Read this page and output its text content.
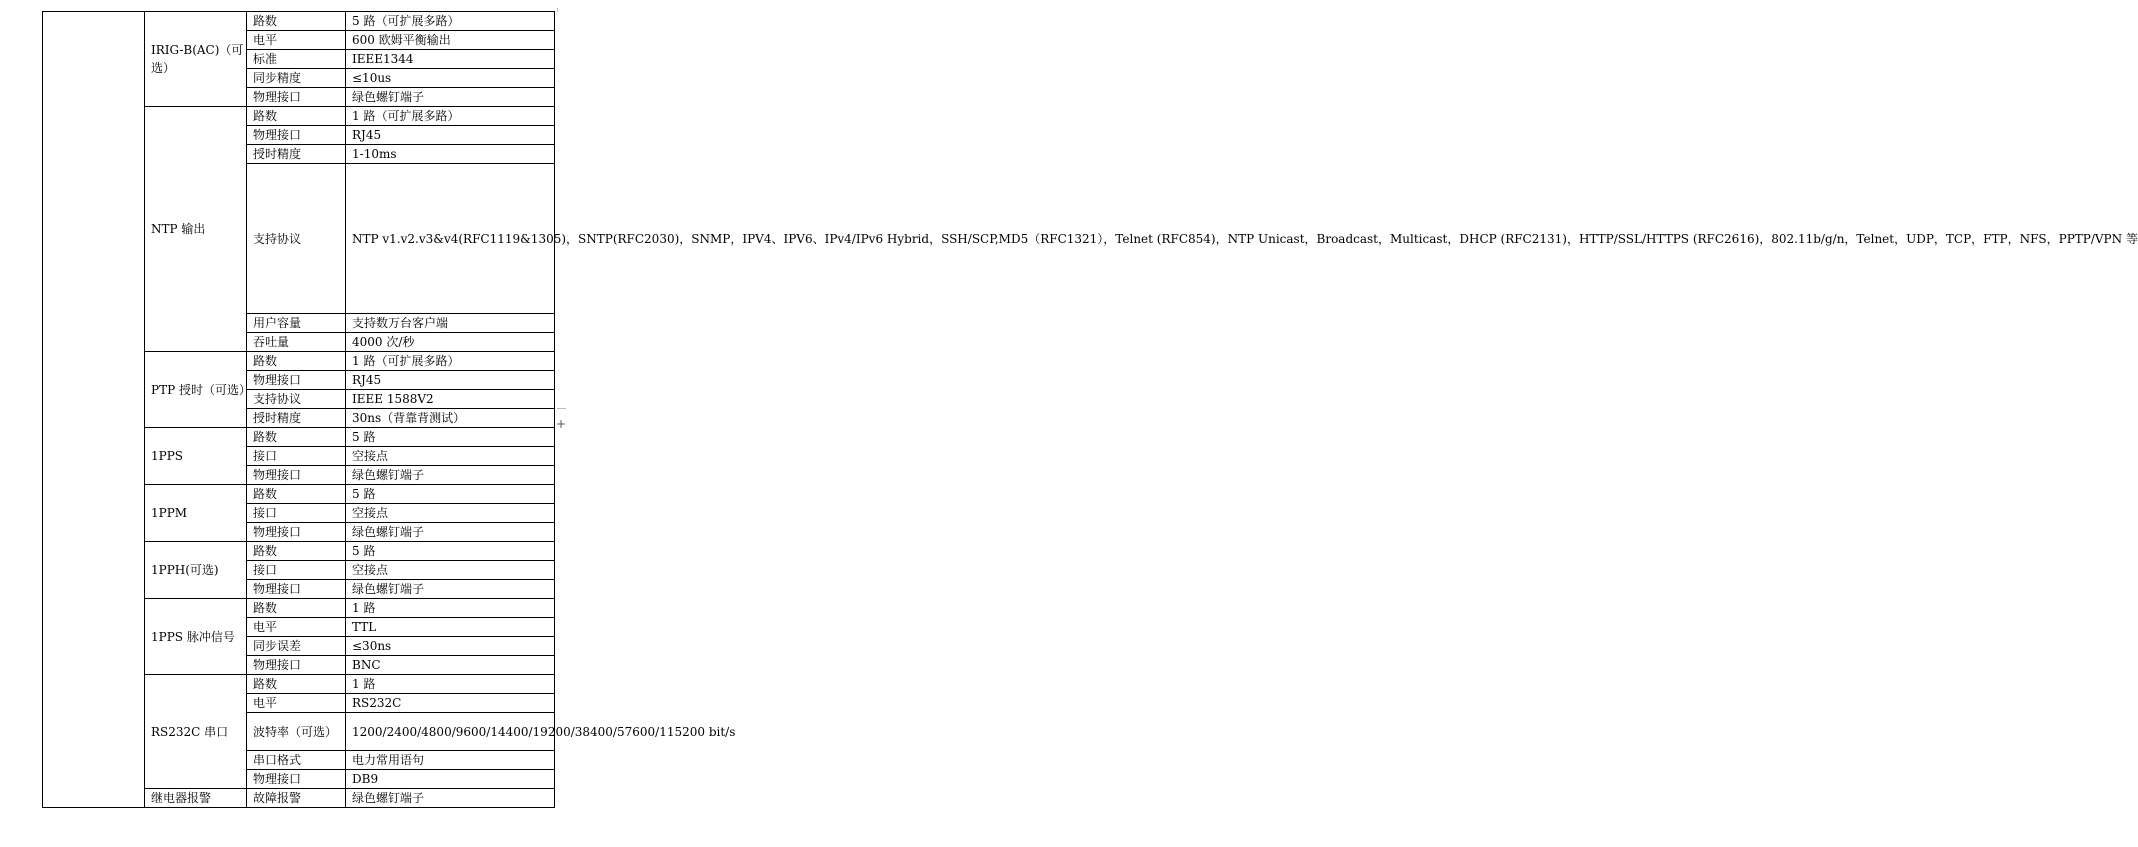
+
	IRIG-B(AC)（可选）	路数	5 路（可扩展多路）
		电平	600 欧姆平衡输出
		标准	IEEE1344
		同步精度	≤10us
		物理接口	绿色螺钉端子
	NTP 输出	路数	1 路（可扩展多路）
		物理接口	RJ45
		授时精度	1-10ms
		支持协议	NTP v1.v2.v3&v4(RFC1119&1305)，SNTP(RFC2030)，SNMP，IPV4、IPV6、IPv4/IPv6 Hybrid，SSH/SCP,MD5（RFC1321），Telnet (RFC854)，NTP Unicast，Broadcast，Multicast，DHCP (RFC2131)，HTTP/SSL/HTTPS (RFC2616)，802.11b/g/n，Telnet，UDP，TCP，FTP，NFS，PPTP/VPN 等
		用户容量	支持数万台客户端
		吞吐量	4000 次/秒
	PTP 授时（可选）	路数	1 路（可扩展多路）
		物理接口	RJ45
		支持协议	IEEE 1588V2
		授时精度	30ns（背靠背测试）
	1PPS	路数	5 路
		接口	空接点
		物理接口	绿色螺钉端子
	1PPM	路数	5 路
		接口	空接点
		物理接口	绿色螺钉端子
	1PPH(可选)	路数	5 路
		接口	空接点
		物理接口	绿色螺钉端子
	1PPS 脉冲信号	路数	1 路
		电平	TTL
		同步误差	≤30ns
		物理接口	BNC
	RS232C 串口	路数	1 路
		电平	RS232C
		波特率（可选）	1200/2400/4800/9600/14400/19200/38400/57600/115200 bit/s
		串口格式	电力常用语句
		物理接口	DB9
	继电器报警	故障报警	绿色螺钉端子
